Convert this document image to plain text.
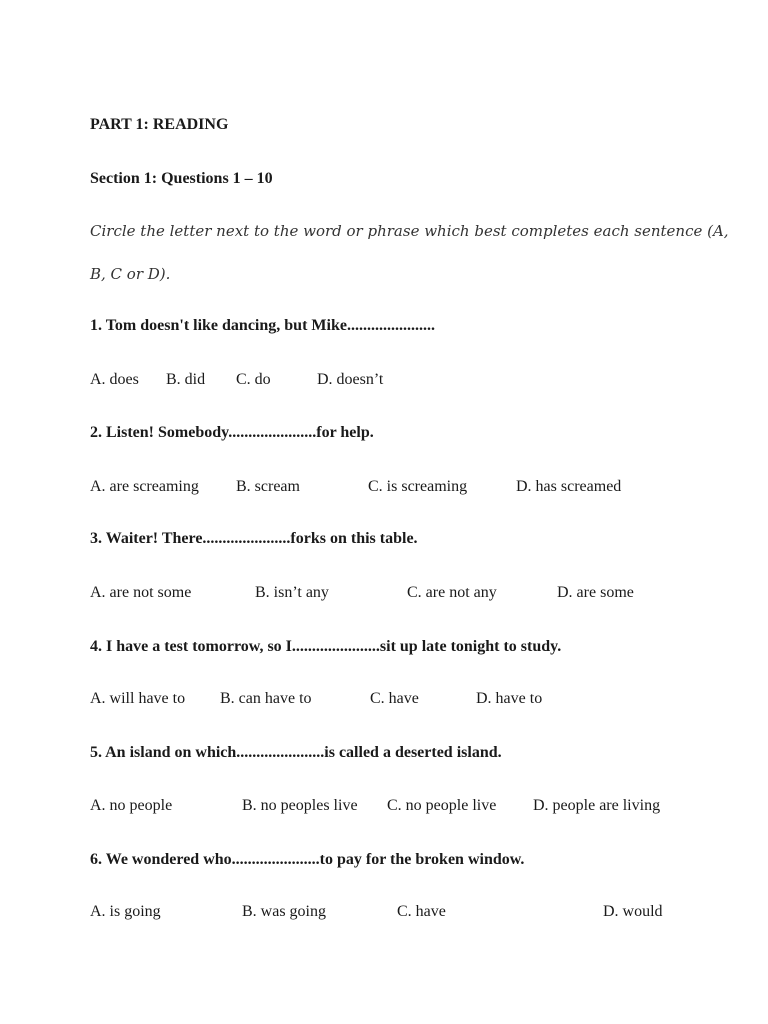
PART 1: READING
Section 1: Questions 1 – 10
Circle the letter next to the word or phrase which best completes each sentence (A,
B, C or D).
1. Tom doesn't like dancing, but Mike......................
A. does B. did C. do	D. doesn’t
2. Listen! Somebody......................for help.
A. are screaming B. scream	C. is screaming	D. has screamed
3. Waiter! There......................forks on this table.
A. are not some	B. isn’t any	C. are not any	D. are some
4. I have a test tomorrow, so I......................sit up late tonight to study.
A. will have to B. can have to	C. have	D. have to
5. An island on which......................is called a deserted island.
A. no people	B. no peoples live C. no people live D. people are living
6. We wondered who......................to pay for the broken window.
A. is going	B. was going	C. have	D. would
